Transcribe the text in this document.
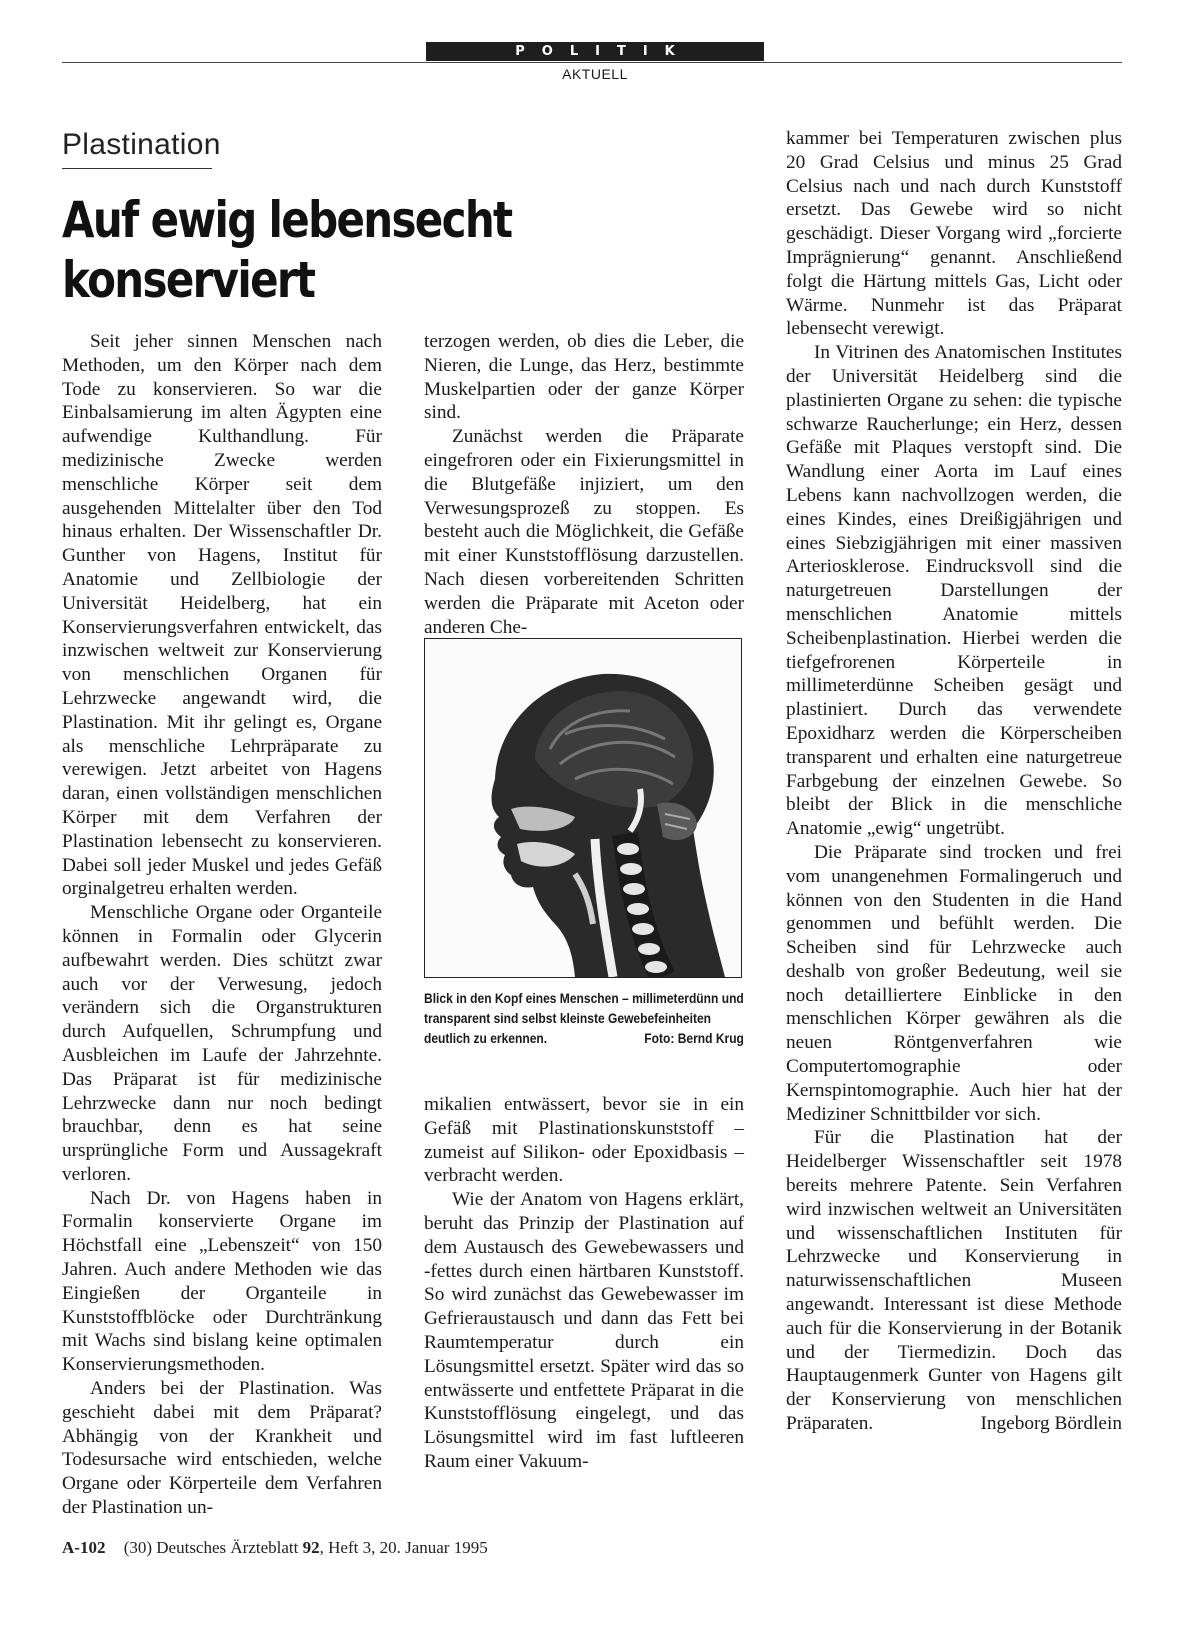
POLITIK
AKTUELL
Plastination
Auf ewig lebensecht
konserviert

Seit jeher sinnen Menschen nach Methoden, um den Körper nach dem Tode zu konservieren. So war die Einbalsamierung im alten Ägypten eine aufwendige Kulthandlung. Für medizinische Zwecke werden menschliche Körper seit dem ausgehenden Mittelalter über den Tod hinaus erhalten. Der Wissenschaftler Dr. Gunther von Hagens, Institut für Anatomie und Zellbiologie der Universität Heidelberg, hat ein Konservierungsverfahren entwickelt, das inzwischen weltweit zur Konservierung von menschlichen Organen für Lehrzwecke angewandt wird, die Plastination. Mit ihr gelingt es, Organe als menschliche Lehrpräparate zu verewigen. Jetzt arbeitet von Hagens daran, einen vollständigen menschlichen Körper mit dem Verfahren der Plastination lebensecht zu konservieren. Dabei soll jeder Muskel und jedes Gefäß orginalgetreu erhalten werden.

Menschliche Organe oder Organteile können in Formalin oder Glycerin aufbewahrt werden. Dies schützt zwar auch vor der Verwesung, jedoch verändern sich die Organstrukturen durch Aufquellen, Schrumpfung und Ausbleichen im Laufe der Jahrzehnte. Das Präparat ist für medizinische Lehrzwecke dann nur noch bedingt brauchbar, denn es hat seine ursprüngliche Form und Aussagekraft verloren.

Nach Dr. von Hagens haben in Formalin konservierte Organe im Höchstfall eine „Lebenszeit“ von 150 Jahren. Auch andere Methoden wie das Eingießen der Organteile in Kunststoffblöcke oder Durchtränkung mit Wachs sind bislang keine optimalen Konservierungsmethoden.

Anders bei der Plastination. Was geschieht dabei mit dem Präparat? Abhängig von der Krankheit und Todesursache wird entschieden, welche Organe oder Körperteile dem Verfahren der Plastination un-

terzogen werden, ob dies die Leber, die Nieren, die Lunge, das Herz, bestimmte Muskelpartien oder der ganze Körper sind.

Zunächst werden die Präparate eingefroren oder ein Fixierungsmittel in die Blutgefäße injiziert, um den Verwesungsprozeß zu stoppen. Es besteht auch die Möglichkeit, die Gefäße mit einer Kunststofflösung darzustellen. Nach diesen vorbereitenden Schritten werden die Präparate mit Aceton oder anderen Che-

Blick in den Kopf eines Menschen – millimeterdünn und transparent sind selbst kleinste Gewebefeinheiten deutlich zu erkennen.	Foto: Bernd Krug

mikalien entwässert, bevor sie in ein Gefäß mit Plastinationskunststoff – zumeist auf Silikon- oder Epoxidbasis – verbracht werden.

Wie der Anatom von Hagens erklärt, beruht das Prinzip der Plastination auf dem Austausch des Gewebewassers und -fettes durch einen härtbaren Kunststoff. So wird zunächst das Gewebewasser im Gefrieraustausch und dann das Fett bei Raumtemperatur durch ein Lösungsmittel ersetzt. Später wird das so entwässerte und entfettete Präparat in die Kunststofflösung eingelegt, und das Lösungsmittel wird im fast luftleeren Raum einer Vakuum-

kammer bei Temperaturen zwischen plus 20 Grad Celsius und minus 25 Grad Celsius nach und nach durch Kunststoff ersetzt. Das Gewebe wird so nicht geschädigt. Dieser Vorgang wird „forcierte Imprägnierung“ genannt. Anschließend folgt die Härtung mittels Gas, Licht oder Wärme. Nunmehr ist das Präparat lebensecht verewigt.

In Vitrinen des Anatomischen Institutes der Universität Heidelberg sind die plastinierten Organe zu sehen: die typische schwarze Raucherlunge; ein Herz, dessen Gefäße mit Plaques verstopft sind. Die Wandlung einer Aorta im Lauf eines Lebens kann nachvollzogen werden, die eines Kindes, eines Dreißigjährigen und eines Siebzigjährigen mit einer massiven Arteriosklerose. Eindrucksvoll sind die naturgetreuen Darstellungen der menschlichen Anatomie mittels Scheibenplastination. Hierbei werden die tiefgefrorenen Körperteile in millimeterdünne Scheiben gesägt und plastiniert. Durch das verwendete Epoxidharz werden die Körperscheiben transparent und erhalten eine naturgetreue Farbgebung der einzelnen Gewebe. So bleibt der Blick in die menschliche Anatomie „ewig“ ungetrübt.

Die Präparate sind trocken und frei vom unangenehmen Formalingeruch und können von den Studenten in die Hand genommen und befühlt werden. Die Scheiben sind für Lehrzwecke auch deshalb von großer Bedeutung, weil sie noch detailliertere Einblicke in den menschlichen Körper gewähren als die neuen Röntgenverfahren wie Computertomographie oder Kernspintomographie. Auch hier hat der Mediziner Schnittbilder vor sich.

Für die Plastination hat der Heidelberger Wissenschaftler seit 1978 bereits mehrere Patente. Sein Verfahren wird inzwischen weltweit an Universitäten und wissenschaftlichen Instituten für Lehrzwecke und Konservierung in naturwissenschaftlichen Museen angewandt. Interessant ist diese Methode auch für die Konservierung in der Botanik und der Tiermedizin. Doch das Hauptaugenmerk Gunter von Hagens gilt der Konservierung von menschlichen Präparaten.	Ingeborg Bördlein

A-102 (30) Deutsches Ärzteblatt 92, Heft 3, 20. Januar 1995
